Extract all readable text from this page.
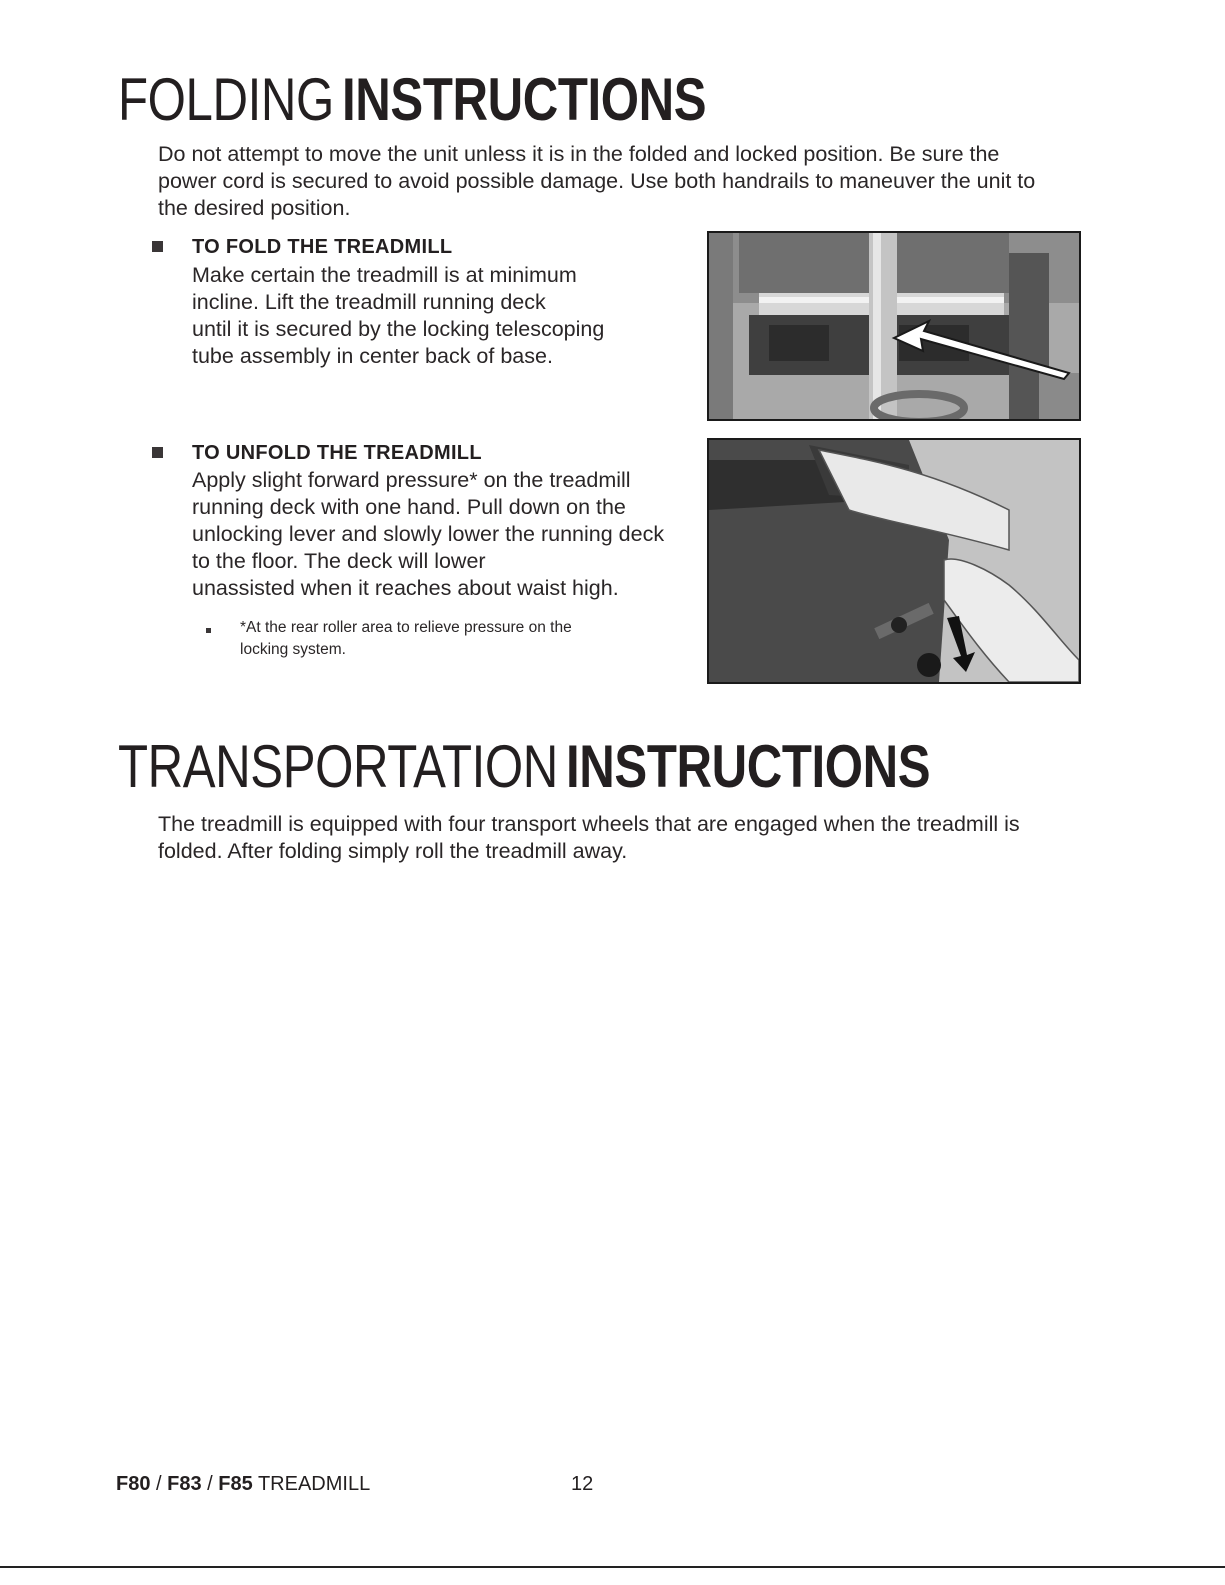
FOLDING INSTRUCTIONS
Do not attempt to move the unit unless it is in the folded and locked position. Be sure the
power cord is secured to avoid possible damage. Use both handrails to maneuver the unit to
the desired position.
TO FOLD THE TREADMILL
Make certain the treadmill is at minimum
incline. Lift the treadmill running deck
until it is secured by the locking telescoping
tube assembly in center back of base.
TO UNFOLD THE TREADMILL
Apply slight forward pressure* on the treadmill
running deck with one hand. Pull down on the
unlocking lever and slowly lower the running deck
to the floor. The deck will lower
unassisted when it reaches about waist high.
*At the rear roller area to relieve pressure on the
locking system.
TRANSPORTATION INSTRUCTIONS
The treadmill is equipped with four transport wheels that are engaged when the treadmill is
folded. After folding simply roll the treadmill away.
F80 / F83 / F85 TREADMILL	12
